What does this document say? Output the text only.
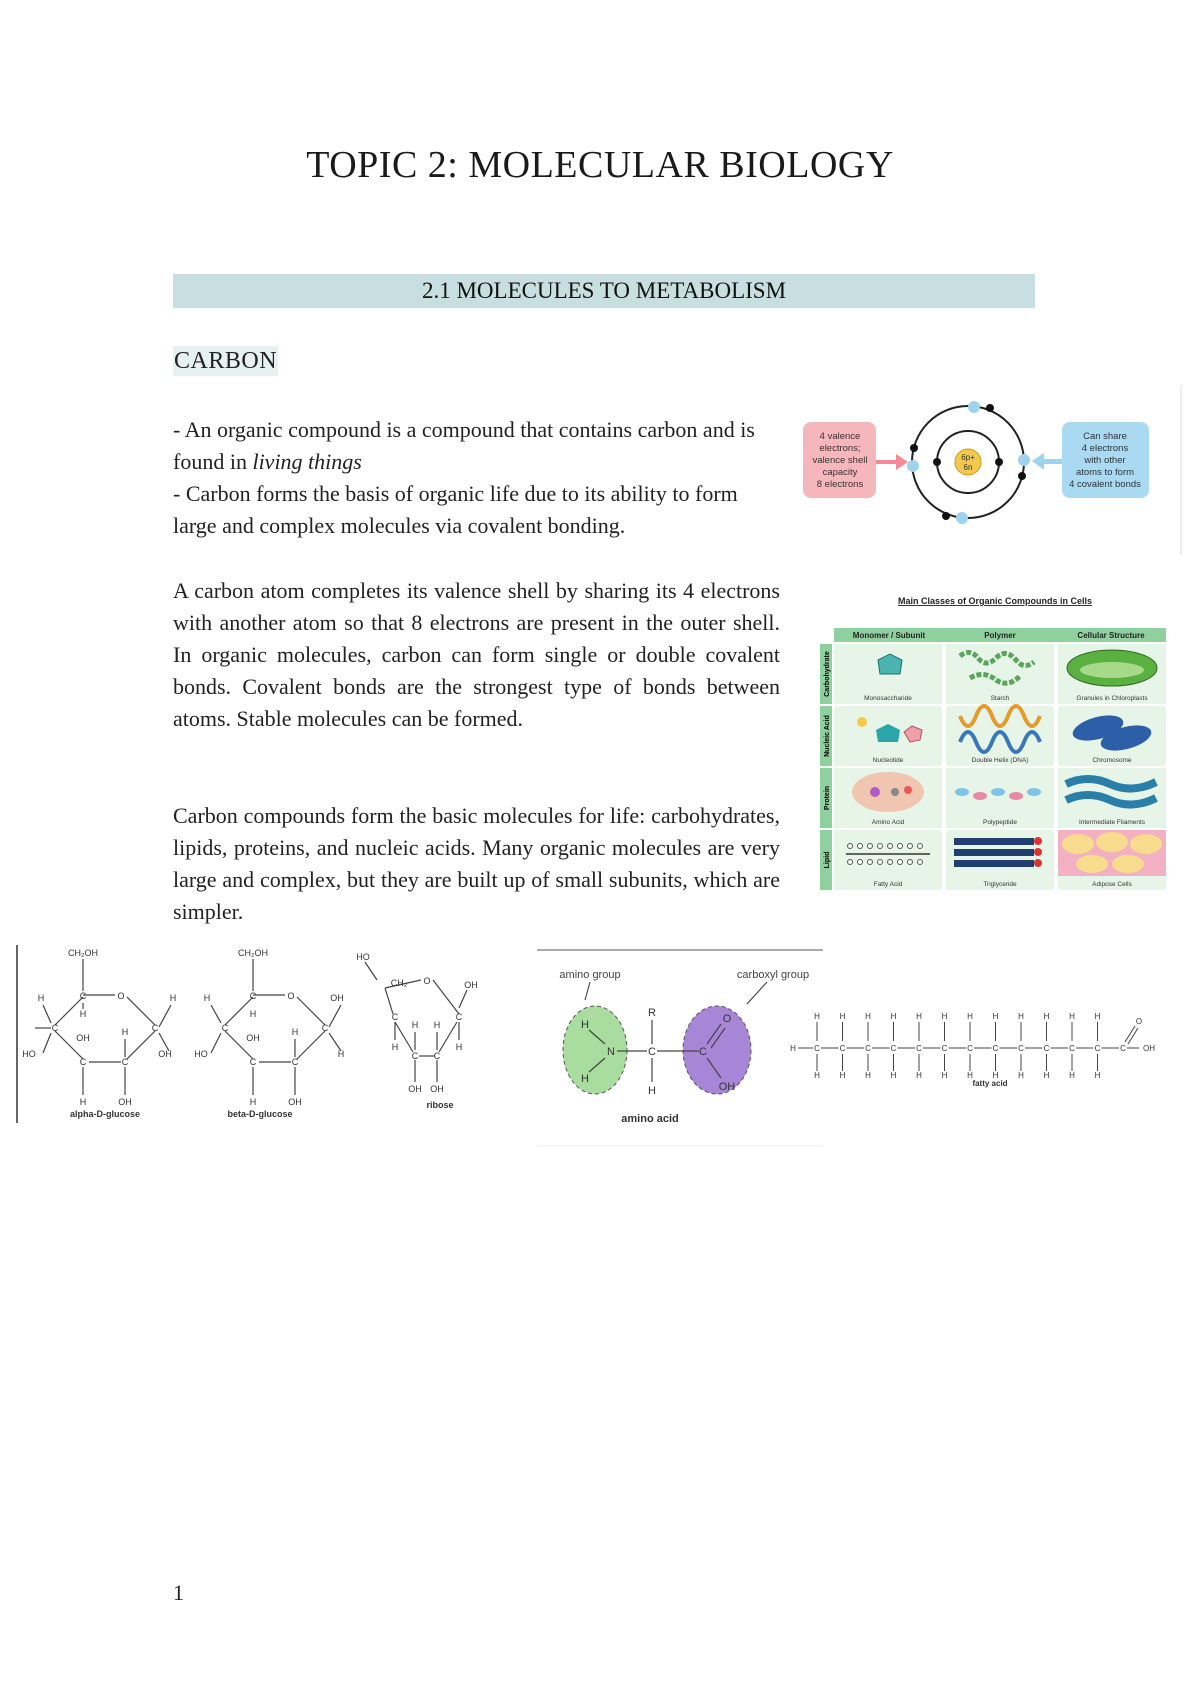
TOPIC 2: MOLECULAR BIOLOGY
2.1 MOLECULES TO METABOLISM
CARBON

- An organic compound is a compound that contains carbon and is found in living things

- Carbon forms the basis of organic life due to its ability to form large and complex molecules via covalent bonding.

A carbon atom completes its valence shell by sharing its 4 electrons with another atom so that 8 electrons are present in the outer shell. In organic molecules, carbon can form single or double covalent bonds. Covalent bonds are the strongest type of bonds between atoms. Stable molecules can be formed.
Carbon compounds form the basic molecules for life: carbohydrates, lipids, proteins, and nucleic acids. Many organic molecules are very large and complex, but they are built up of small subunits, which are simpler.
4 valence
electrons;
valence shell
capacity
8 electrons
6p+
6n
Can share
4 electrons
with other
atoms to form
4 covalent bonds
Main Classes of Organic Compounds in Cells
Monomer / Subunit	Polymer	Cellular Structure
Carbohydrate
Monosaccharide	Starch	Granules in Chloroplasts
Nucleic Acid
Nucleotide	Double Helix (DNA)	Chromosome
Protein
Amino Acid	Polypeptide	Intermediate Filaments
Lipid
Fatty Acid	Triglyceride	Adipose Cells
CH₂OH
C	O
C	C
C	C
H
HO
H
OH
H
H
OH
H	OH
CH₂OH
C	O
C	C
C	C
H
HO
H
OH
H
OH
H
H	OH
alpha-D-glucose	beta-D-glucose
HO
CH₂ O	OH
C	C
H H
H	H
C C
OH OH
ribose
amino group	carboxyl group
H
N
H
R
C	C
H
O
OH
amino acid
H C
H
H
C
H
H
C
H
H
C
H
H
C
H
H
C
H
H
C
H
H
C
H
H
C
H
H
C
H
H
C
H
H
C
H
H
C OH
O
fatty acid
1
